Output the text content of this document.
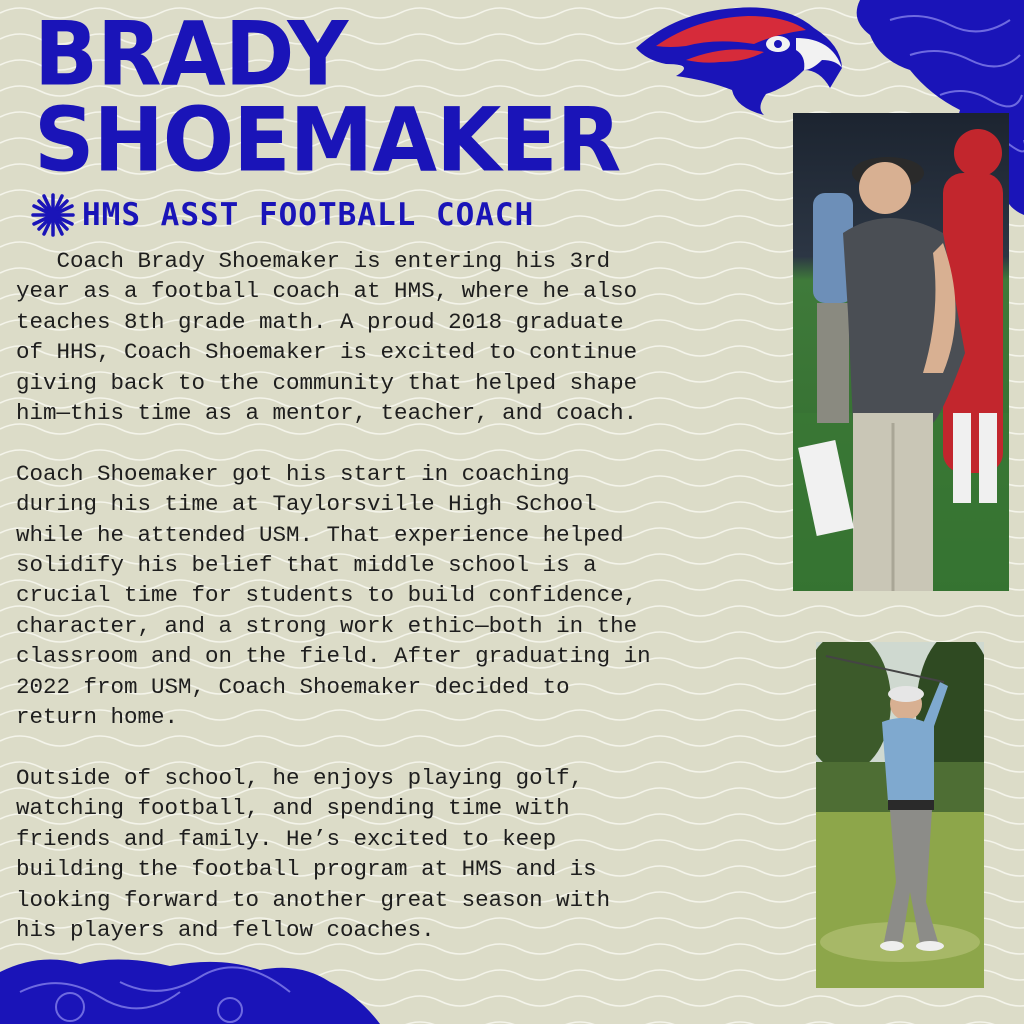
BRADY
SHOEMAKER
HMS ASST FOOTBALL COACH
Coach Brady Shoemaker is entering his 3rd
year as a football coach at HMS, where he also
teaches 8th grade math. A proud 2018 graduate
of HHS, Coach Shoemaker is excited to continue
giving back to the community that helped shape
him—this time as a mentor, teacher, and coach.

Coach Shoemaker got his start in coaching
during his time at Taylorsville High School
while he attended USM. That experience helped
solidify his belief that middle school is a
crucial time for students to build confidence,
character, and a strong work ethic—both in the
classroom and on the field. After graduating in
2022 from USM, Coach Shoemaker decided to
return home.

Outside of school, he enjoys playing golf,
watching football, and spending time with
friends and family. He’s excited to keep
building the football program at HMS and is
looking forward to another great season with
his players and fellow coaches.
